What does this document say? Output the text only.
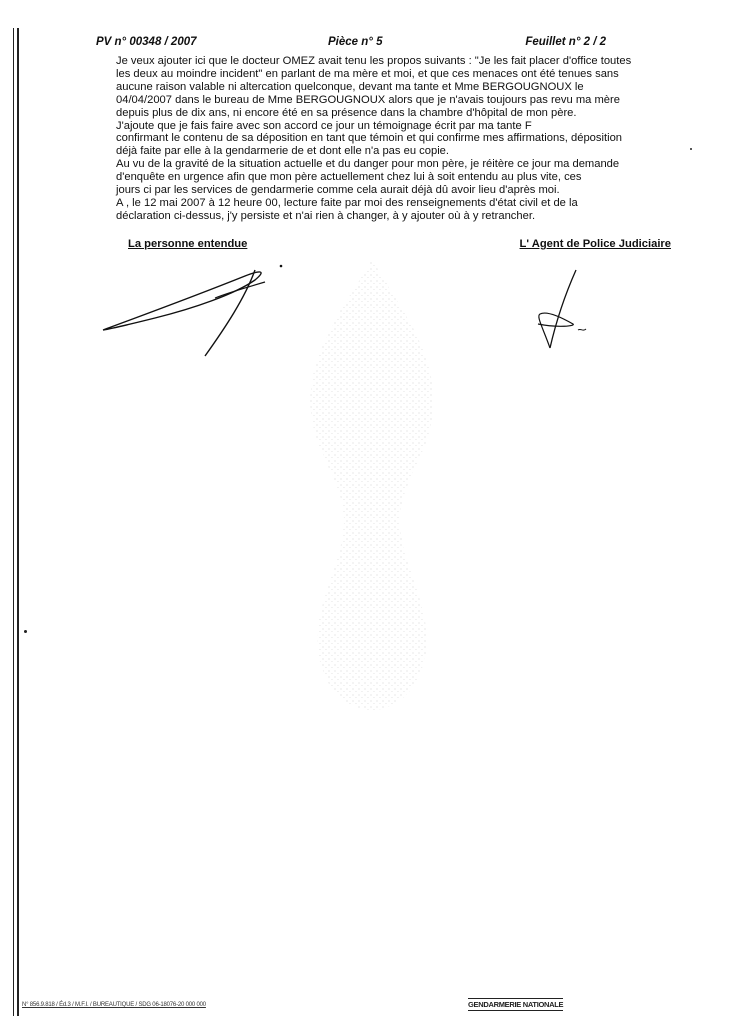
PV n° 00348 / 2007	Pièce n° 5	Feuillet n° 2 / 2

Je veux ajouter ici que le docteur OMEZ avait tenu les propos suivants : "Je les fait placer d'office toutes

les deux au moindre incident" en parlant de ma mère et moi, et que ces menaces ont été tenues sans

aucune raison valable ni altercation quelconque, devant ma tante et Mme BERGOUGNOUX le

04/04/2007 dans le bureau de Mme BERGOUGNOUX alors que je n'avais toujours pas revu ma mère

depuis plus de dix ans, ni encore été en sa présence dans la chambre d'hôpital de mon père.

J'ajoute que je fais faire avec son accord ce jour un témoignage écrit par ma tante F

confirmant le contenu de sa déposition en tant que témoin et qui confirme mes affirmations, déposition

déjà faite par elle à la gendarmerie de et dont elle n'a pas eu copie.

Au vu de la gravité de la situation actuelle et du danger pour mon père, je réitère ce jour ma demande

d'enquête en urgence afin que mon père actuellement chez lui à soit entendu au plus vite, ces

jours ci par les services de gendarmerie comme cela aurait déjà dû avoir lieu d'après moi.

A , le 12 mai 2007 à 12 heure 00, lecture faite par moi des renseignements d'état civil et de la

déclaration ci-dessus, j'y persiste et n'ai rien à changer, à y ajouter où à y retrancher.

La personne entendue	L' Agent de Police Judiciaire
N° 856.9.818 / Éd.3 / M.F.I. / BUREAUTIQUE / SDG 06-18076-20 000 000	GENDARMERIE NATIONALE
